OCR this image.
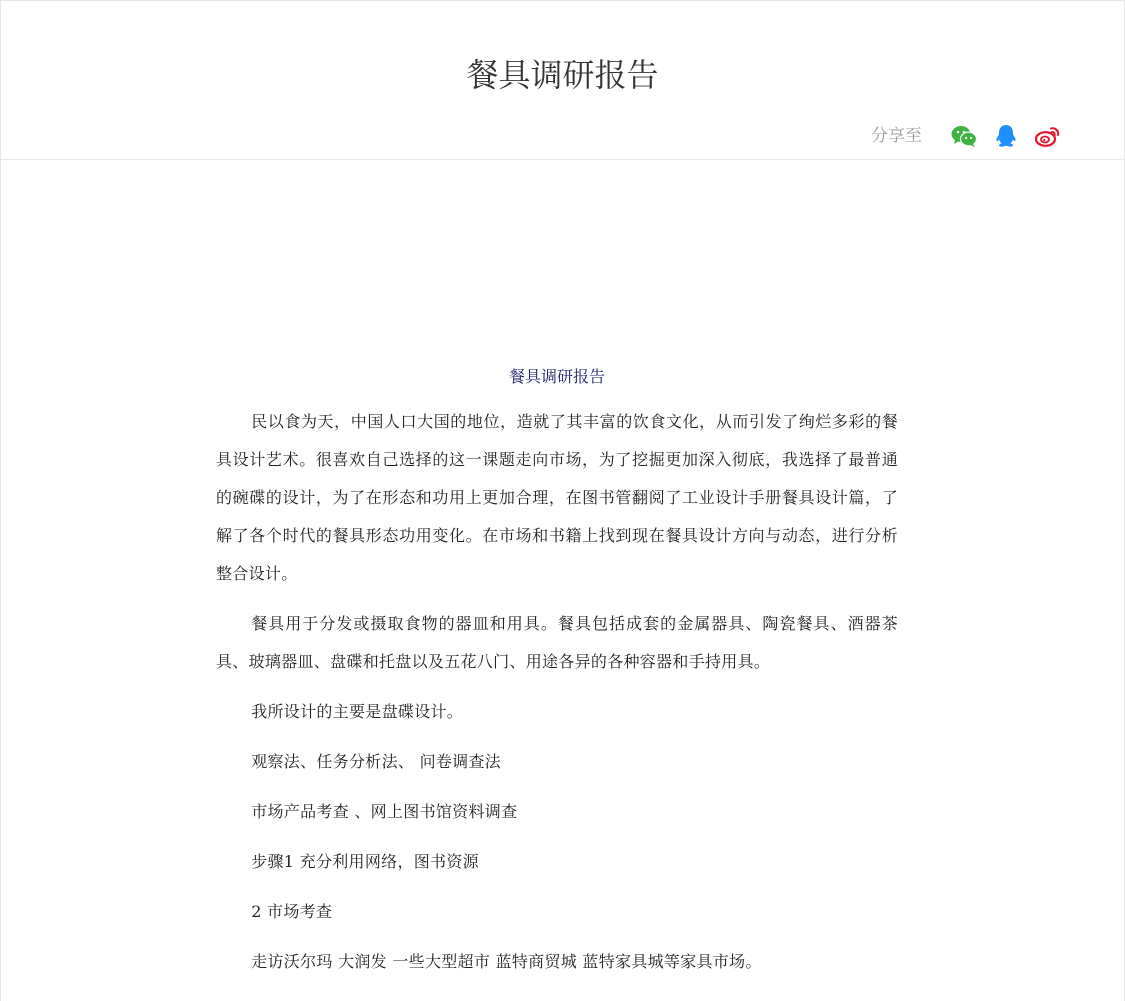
餐具调研报告
分享至
餐具调研报告

民以食为天，中国人口大国的地位，造就了其丰富的饮食文化，从而引发了绚烂多彩的餐具设计艺术。很喜欢自己选择的这一课题走向市场，为了挖掘更加深入彻底，我选择了最普通的碗碟的设计，为了在形态和功用上更加合理，在图书管翻阅了工业设计手册餐具设计篇，了解了各个时代的餐具形态功用变化。在市场和书籍上找到现在餐具设计方向与动态，进行分析整合设计。

餐具用于分发或摄取食物的器皿和用具。餐具包括成套的金属器具、陶瓷餐具、酒器茶具、玻璃器皿、盘碟和托盘以及五花八门、用途各异的各种容器和手持用具。

我所设计的主要是盘碟设计。

观察法、任务分析法、 问卷调查法

市场产品考查 、网上图书馆资料调查

步骤1 充分利用网络，图书资源

2 市场考查

走访沃尔玛 大润发 一些大型超市 蓝特商贸城 蓝特家具城等家具市场。
